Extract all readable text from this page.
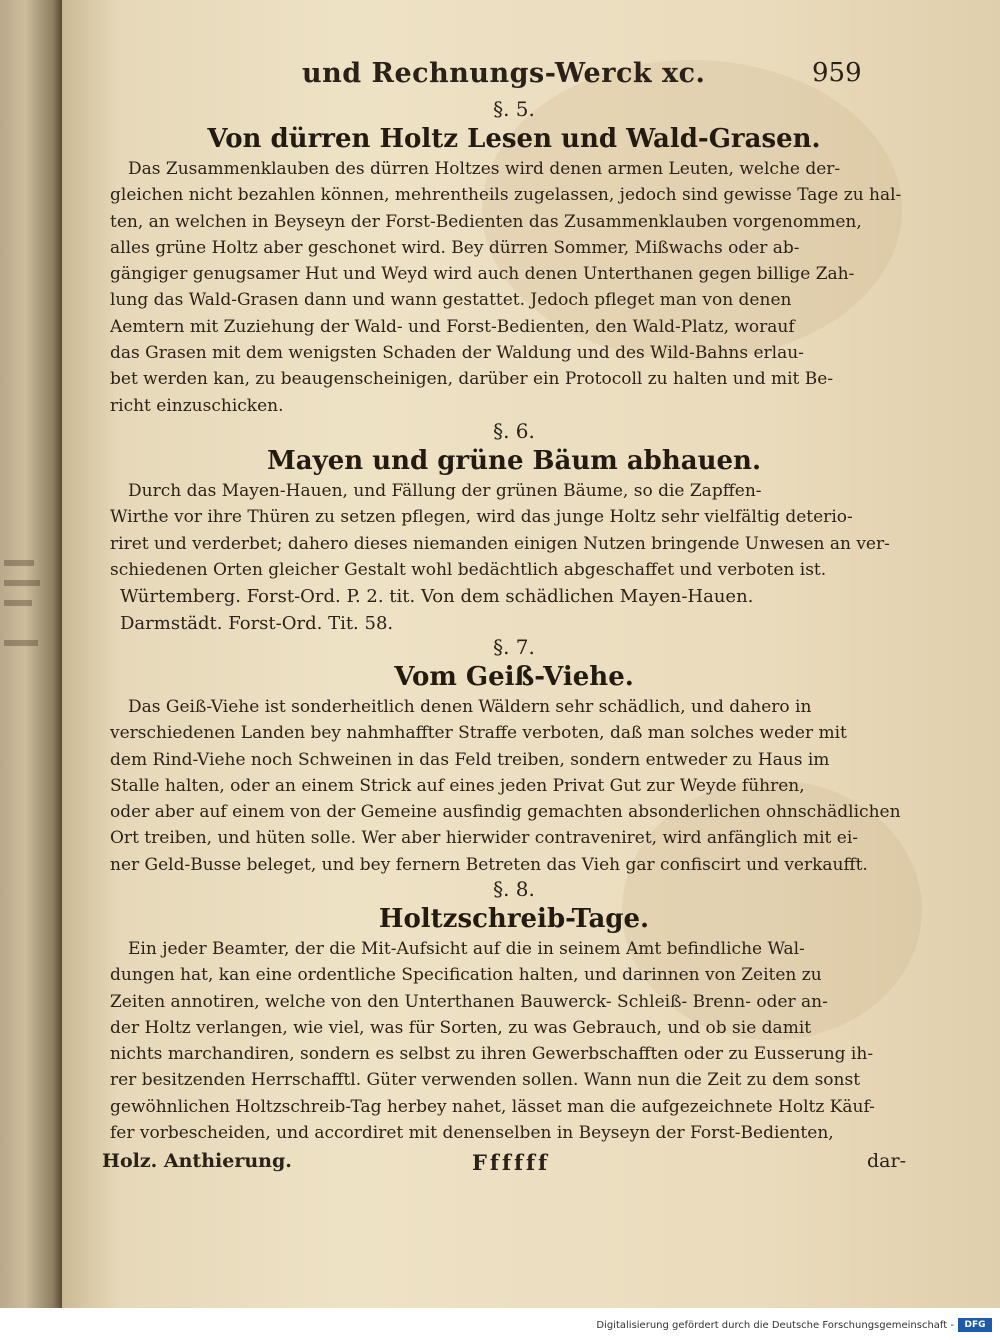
und Rechnungs-Werck xc.	959

§. 5.

Von dürren Holtz Lesen und Wald-Grasen.

Das Zusammenklauben des dürren Holtzes wird denen armen Leuten, welche der-
gleichen nicht bezahlen können, mehrentheils zugelassen, jedoch sind gewisse Tage zu hal-
ten, an welchen in Beyseyn der Forst-Bedienten das Zusammenklauben vorgenommen,
alles grüne Holtz aber geschonet wird. Bey dürren Sommer, Mißwachs oder ab-
gängiger genugsamer Hut und Weyd wird auch denen Unterthanen gegen billige Zah-
lung das Wald-Grasen dann und wann gestattet. Jedoch pfleget man von denen
Aemtern mit Zuziehung der Wald- und Forst-Bedienten, den Wald-Platz, worauf
das Grasen mit dem wenigsten Schaden der Waldung und des Wild-Bahns erlau-
bet werden kan, zu beaugenscheinigen, darüber ein Protocoll zu halten und mit Be-
richt einzuschicken.

§. 6.

Mayen und grüne Bäum abhauen.

Durch das Mayen-Hauen, und Fällung der grünen Bäume, so die Zapffen-
Wirthe vor ihre Thüren zu setzen pflegen, wird das junge Holtz sehr vielfältig deterio-
riret und verderbet; dahero dieses niemanden einigen Nutzen bringende Unwesen an ver-
schiedenen Orten gleicher Gestalt wohl bedächtlich abgeschaffet und verboten ist.

Würtemberg. Forst-Ord. P. 2. tit. Von dem schädlichen Mayen-Hauen.

Darmstädt. Forst-Ord. Tit. 58.

§. 7.

Vom Geiß-Viehe.

Das Geiß-Viehe ist sonderheitlich denen Wäldern sehr schädlich, und dahero in
verschiedenen Landen bey nahmhaffter Straffe verboten, daß man solches weder mit
dem Rind-Viehe noch Schweinen in das Feld treiben, sondern entweder zu Haus im
Stalle halten, oder an einem Strick auf eines jeden Privat Gut zur Weyde führen,
oder aber auf einem von der Gemeine ausfindig gemachten absonderlichen ohnschädlichen
Ort treiben, und hüten solle. Wer aber hierwider contraveniret, wird anfänglich mit ei-
ner Geld-Busse beleget, und bey fernern Betreten das Vieh gar confiscirt und verkaufft.

§. 8.

Holtzschreib-Tage.

Ein jeder Beamter, der die Mit-Aufsicht auf die in seinem Amt befindliche Wal-
dungen hat, kan eine ordentliche Specification halten, und darinnen von Zeiten zu
Zeiten annotiren, welche von den Unterthanen Bauwerck- Schleiß- Brenn- oder an-
der Holtz verlangen, wie viel, was für Sorten, zu was Gebrauch, und ob sie damit
nichts marchandiren, sondern es selbst zu ihren Gewerbschafften oder zu Eusserung ih-
rer besitzenden Herrschafftl. Güter verwenden sollen. Wann nun die Zeit zu dem sonst
gewöhnlichen Holtzschreib-Tag herbey nahet, lässet man die aufgezeichnete Holtz Käuf-
fer vorbescheiden, und accordiret mit denenselben in Beyseyn der Forst-Bedienten,

Holz. Anthierung.	Ffffff	dar-
Digitalisierung gefördert durch die Deutsche Forschungsgemeinschaft -	DFG
